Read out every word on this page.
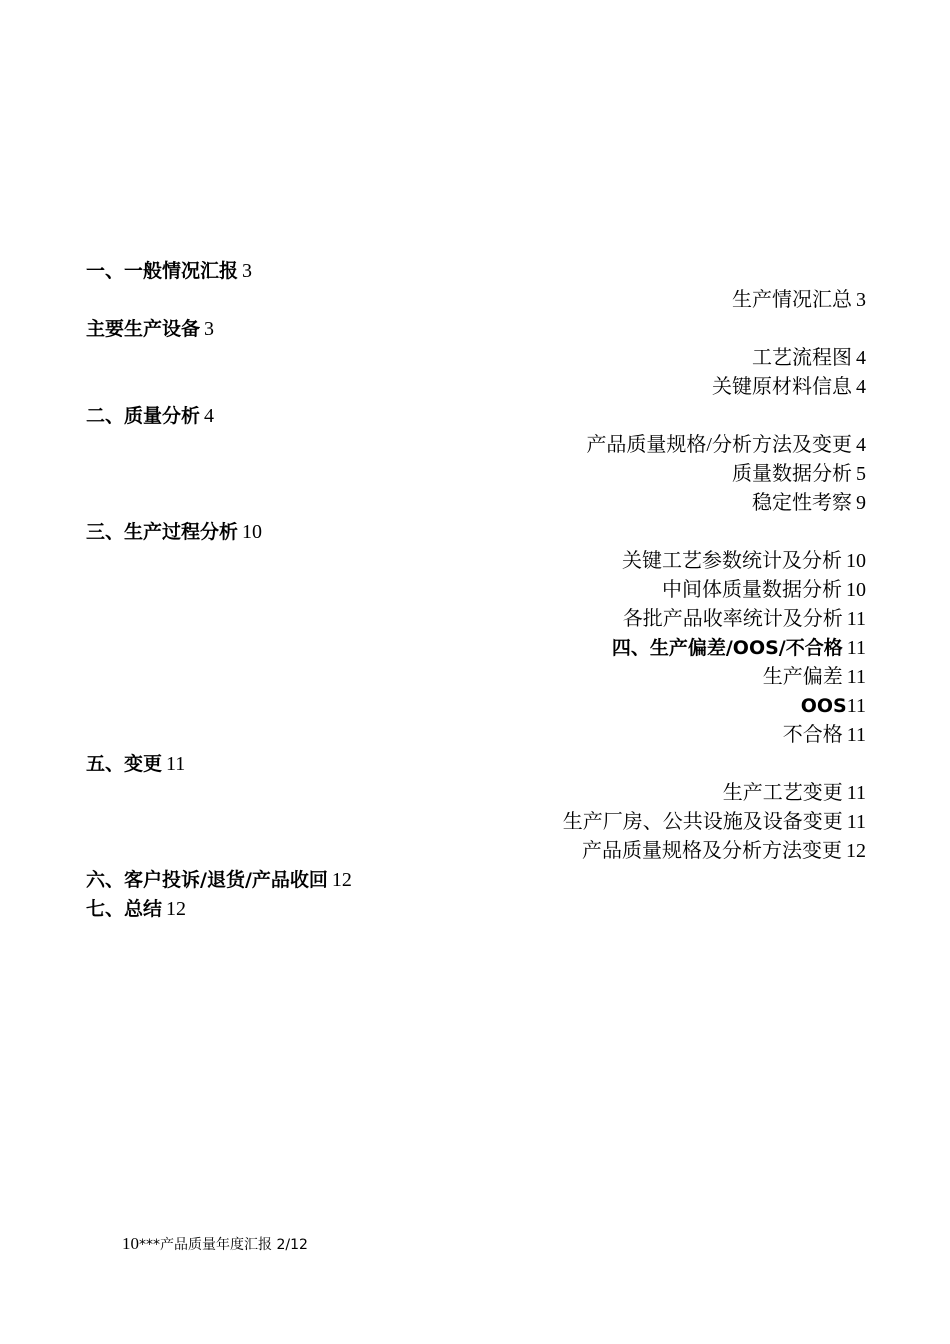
一、一般情况汇报 3
生产情况汇总 3
主要生产设备 3
工艺流程图 4
关键原材料信息 4
二、质量分析 4
产品质量规格/分析方法及变更 4
质量数据分析 5
稳定性考察 9
三、生产过程分析 10
关键工艺参数统计及分析 10
中间体质量数据分析 10
各批产品收率统计及分析 11
四、生产偏差/OOS/不合格 11
生产偏差 11
OOS11
不合格 11
五、变更 11
生产工艺变更 11
生产厂房、公共设施及设备变更 11
产品质量规格及分析方法变更 12
六、客户投诉/退货/产品收回 12
七、总结 12
10***产品质量年度汇报 2/12
